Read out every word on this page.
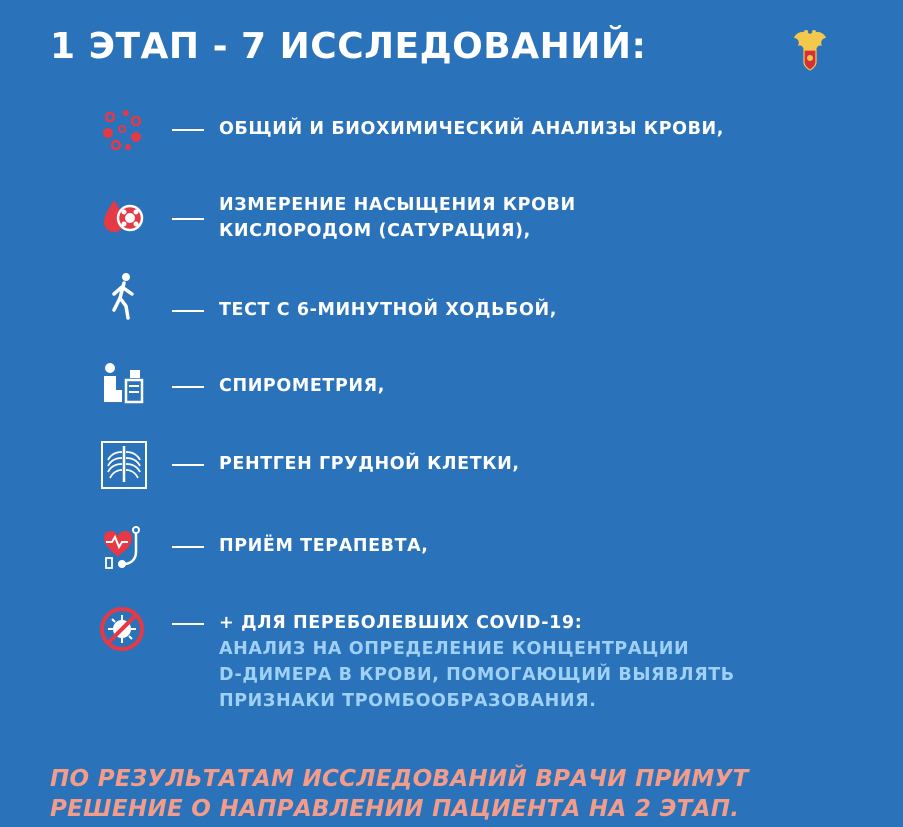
1 ЭТАП - 7 ИССЛЕДОВАНИЙ:
ОБЩИЙ И БИОХИМИЧЕСКИЙ АНАЛИЗЫ КРОВИ,
ИЗМЕРЕНИЕ НАСЫЩЕНИЯ КРОВИ
КИСЛОРОДОМ (САТУРАЦИЯ),
ТЕСТ С 6-МИНУТНОЙ ХОДЬБОЙ,
СПИРОМЕТРИЯ,
РЕНТГЕН ГРУДНОЙ КЛЕТКИ,
ПРИЁМ ТЕРАПЕВТА,
+ ДЛЯ ПЕРЕБОЛЕВШИХ COVID-19:
АНАЛИЗ НА ОПРЕДЕЛЕНИЕ КОНЦЕНТРАЦИИ
D-ДИМЕРА В КРОВИ, ПОМОГАЮЩИЙ ВЫЯВЛЯТЬ
ПРИЗНАКИ ТРОМБООБРАЗОВАНИЯ.
ПО РЕЗУЛЬТАТАМ ИССЛЕДОВАНИЙ ВРАЧИ ПРИМУТ
РЕШЕНИЕ О НАПРАВЛЕНИИ ПАЦИЕНТА НА 2 ЭТАП.
